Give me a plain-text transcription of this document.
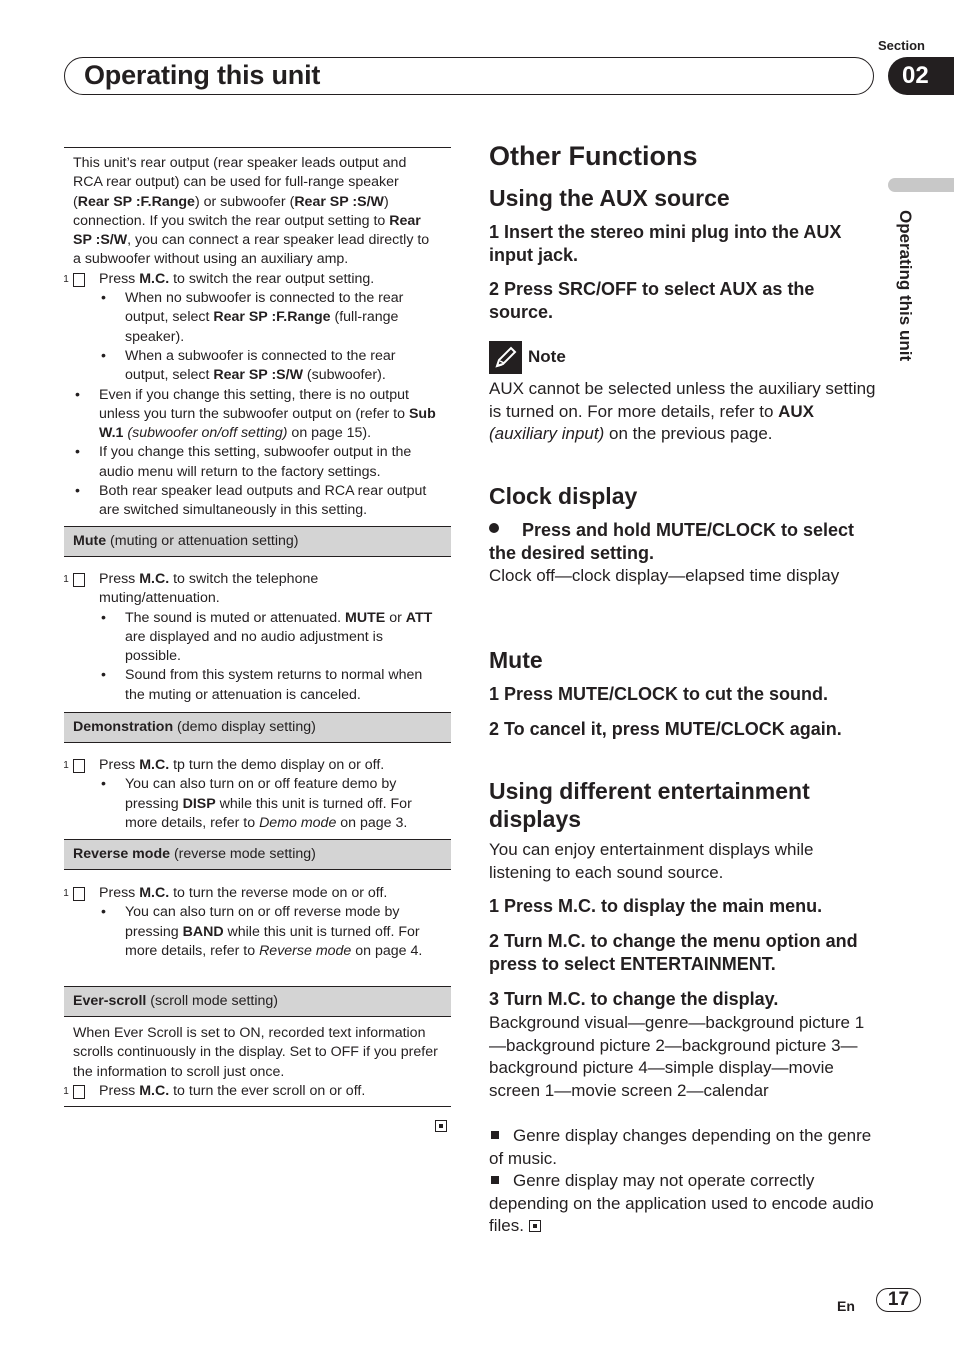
Section
Operating this unit	02
Operating this unit

This unit’s rear output (rear speaker leads output and RCA rear output) can be used for full-range speaker (Rear SP :F.Range) or subwoofer (Rear SP :S/W) connection. If you switch the rear output setting to Rear SP :S/W, you can connect a rear speaker lead directly to a subwoofer without using an auxiliary amp.

1 Press M.C. to switch the rear output setting.

• When no subwoofer is connected to the rear output, select Rear SP :F.Range (full-range speaker).

• When a subwoofer is connected to the rear output, select Rear SP :S/W (subwoofer).

• Even if you change this setting, there is no output unless you turn the subwoofer output on (refer to Sub W.1 (subwoofer on/off setting) on page 15).

• If you change this setting, subwoofer output in the audio menu will return to the factory settings.

• Both rear speaker lead outputs and RCA rear output are switched simultaneously in this setting.

Mute (muting or attenuation setting)

1 Press M.C. to switch the telephone muting/attenuation.

• The sound is muted or attenuated. MUTE or ATT are displayed and no audio adjustment is possible.

• Sound from this system returns to normal when the muting or attenuation is canceled.

Demonstration (demo display setting)

1 Press M.C. tp turn the demo display on or off.

• You can also turn on or off feature demo by pressing DISP while this unit is turned off. For more details, refer to Demo mode on page 3.

Reverse mode (reverse mode setting)

1 Press M.C. to turn the reverse mode on or off.

• You can also turn on or off reverse mode by pressing BAND while this unit is turned off. For more details, refer to Reverse mode on page 4.

Ever-scroll (scroll mode setting)

When Ever Scroll is set to ON, recorded text information scrolls continuously in the display. Set to OFF if you prefer the information to scroll just once.

1 Press M.C. to turn the ever scroll on or off.

Other Functions
Using the AUX source
1 Insert the stereo mini plug into the AUX input jack.
2 Press SRC/OFF to select AUX as the source.
Note
AUX cannot be selected unless the auxiliary setting is turned on. For more details, refer to AUX (auxiliary input) on the previous page.
Clock display
Press and hold MUTE/CLOCK to select the desired setting.
Clock off—clock display—elapsed time display
Mute
1 Press MUTE/CLOCK to cut the sound.
2 To cancel it, press MUTE/CLOCK again.
Using different entertainment displays
You can enjoy entertainment displays while listening to each sound source.
1 Press M.C. to display the main menu.
2 Turn M.C. to change the menu option and press to select ENTERTAINMENT.
3 Turn M.C. to change the display.
Background visual—genre—background picture 1—background picture 2—background picture 3—background picture 4—simple display—movie screen 1—movie screen 2—calendar
Genre display changes depending on the genre of music.
Genre display may not operate correctly depending on the application used to encode audio files.
En	17
